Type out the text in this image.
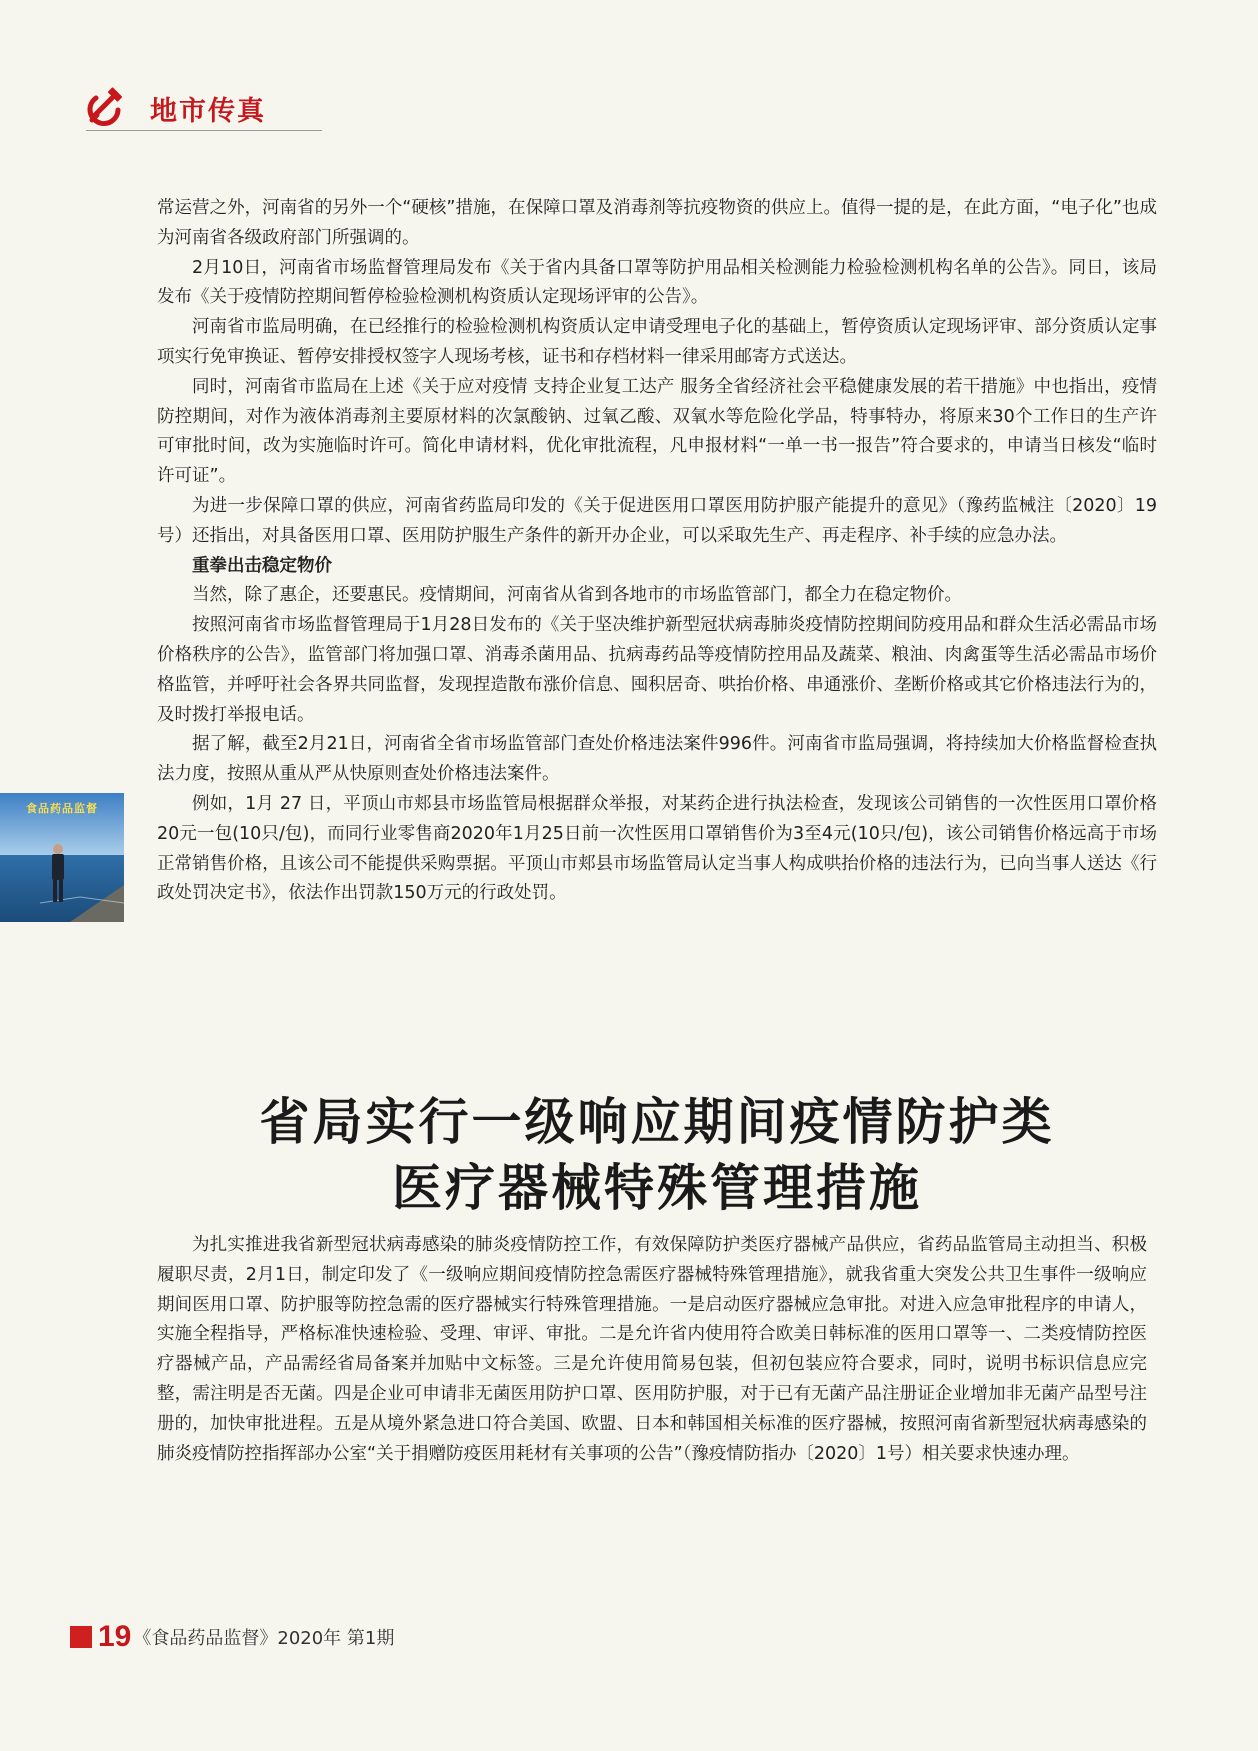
地市传真

常运营之外，河南省的另外一个“硬核”措施，在保障口罩及消毒剂等抗疫物资的供应上。值得一提的是，在此方面，“电子化”也成为河南省各级政府部门所强调的。

2月10日，河南省市场监督管理局发布《关于省内具备口罩等防护用品相关检测能力检验检测机构名单的公告》。同日，该局发布《关于疫情防控期间暂停检验检测机构资质认定现场评审的公告》。

河南省市监局明确，在已经推行的检验检测机构资质认定申请受理电子化的基础上，暂停资质认定现场评审、部分资质认定事项实行免审换证、暂停安排授权签字人现场考核，证书和存档材料一律采用邮寄方式送达。

同时，河南省市监局在上述《关于应对疫情 支持企业复工达产 服务全省经济社会平稳健康发展的若干措施》中也指出，疫情防控期间，对作为液体消毒剂主要原材料的次氯酸钠、过氧乙酸、双氧水等危险化学品，特事特办，将原来30个工作日的生产许可审批时间，改为实施临时许可。简化申请材料，优化审批流程，凡申报材料“一单一书一报告”符合要求的，申请当日核发“临时许可证”。

为进一步保障口罩的供应，河南省药监局印发的《关于促进医用口罩医用防护服产能提升的意见》（豫药监械注〔2020〕19号）还指出，对具备医用口罩、医用防护服生产条件的新开办企业，可以采取先生产、再走程序、补手续的应急办法。

重拳出击稳定物价

当然，除了惠企，还要惠民。疫情期间，河南省从省到各地市的市场监管部门，都全力在稳定物价。

按照河南省市场监督管理局于1月28日发布的《关于坚决维护新型冠状病毒肺炎疫情防控期间防疫用品和群众生活必需品市场价格秩序的公告》，监管部门将加强口罩、消毒杀菌用品、抗病毒药品等疫情防控用品及蔬菜、粮油、肉禽蛋等生活必需品市场价格监管，并呼吁社会各界共同监督，发现捏造散布涨价信息、囤积居奇、哄抬价格、串通涨价、垄断价格或其它价格违法行为的，及时拨打举报电话。

据了解，截至2月21日，河南省全省市场监管部门查处价格违法案件996件。河南省市监局强调，将持续加大价格监督检查执法力度，按照从重从严从快原则查处价格违法案件。

例如，1月 27 日，平顶山市郏县市场监管局根据群众举报，对某药企进行执法检查，发现该公司销售的一次性医用口罩价格20元一包(10只/包)，而同行业零售商2020年1月25日前一次性医用口罩销售价为3至4元(10只/包)，该公司销售价格远高于市场正常销售价格，且该公司不能提供采购票据。平顶山市郏县市场监管局认定当事人构成哄抬价格的违法行为，已向当事人送达《行政处罚决定书》，依法作出罚款150万元的行政处罚。

食品药品监督
省局实行一级响应期间疫情防护类
医疗器械特殊管理措施

为扎实推进我省新型冠状病毒感染的肺炎疫情防控工作，有效保障防护类医疗器械产品供应，省药品监管局主动担当、积极履职尽责，2月1日，制定印发了《一级响应期间疫情防控急需医疗器械特殊管理措施》，就我省重大突发公共卫生事件一级响应期间医用口罩、防护服等防控急需的医疗器械实行特殊管理措施。一是启动医疗器械应急审批。对进入应急审批程序的申请人，实施全程指导，严格标准快速检验、受理、审评、审批。二是允许省内使用符合欧美日韩标准的医用口罩等一、二类疫情防控医疗器械产品，产品需经省局备案并加贴中文标签。三是允许使用简易包装，但初包装应符合要求，同时，说明书标识信息应完整，需注明是否无菌。四是企业可申请非无菌医用防护口罩、医用防护服，对于已有无菌产品注册证企业增加非无菌产品型号注册的，加快审批进程。五是从境外紧急进口符合美国、欧盟、日本和韩国相关标准的医疗器械，按照河南省新型冠状病毒感染的肺炎疫情防控指挥部办公室“关于捐赠防疫医用耗材有关事项的公告”（豫疫情防指办〔2020〕1号）相关要求快速办理。

19 《食品药品监督》2020年 第1期
